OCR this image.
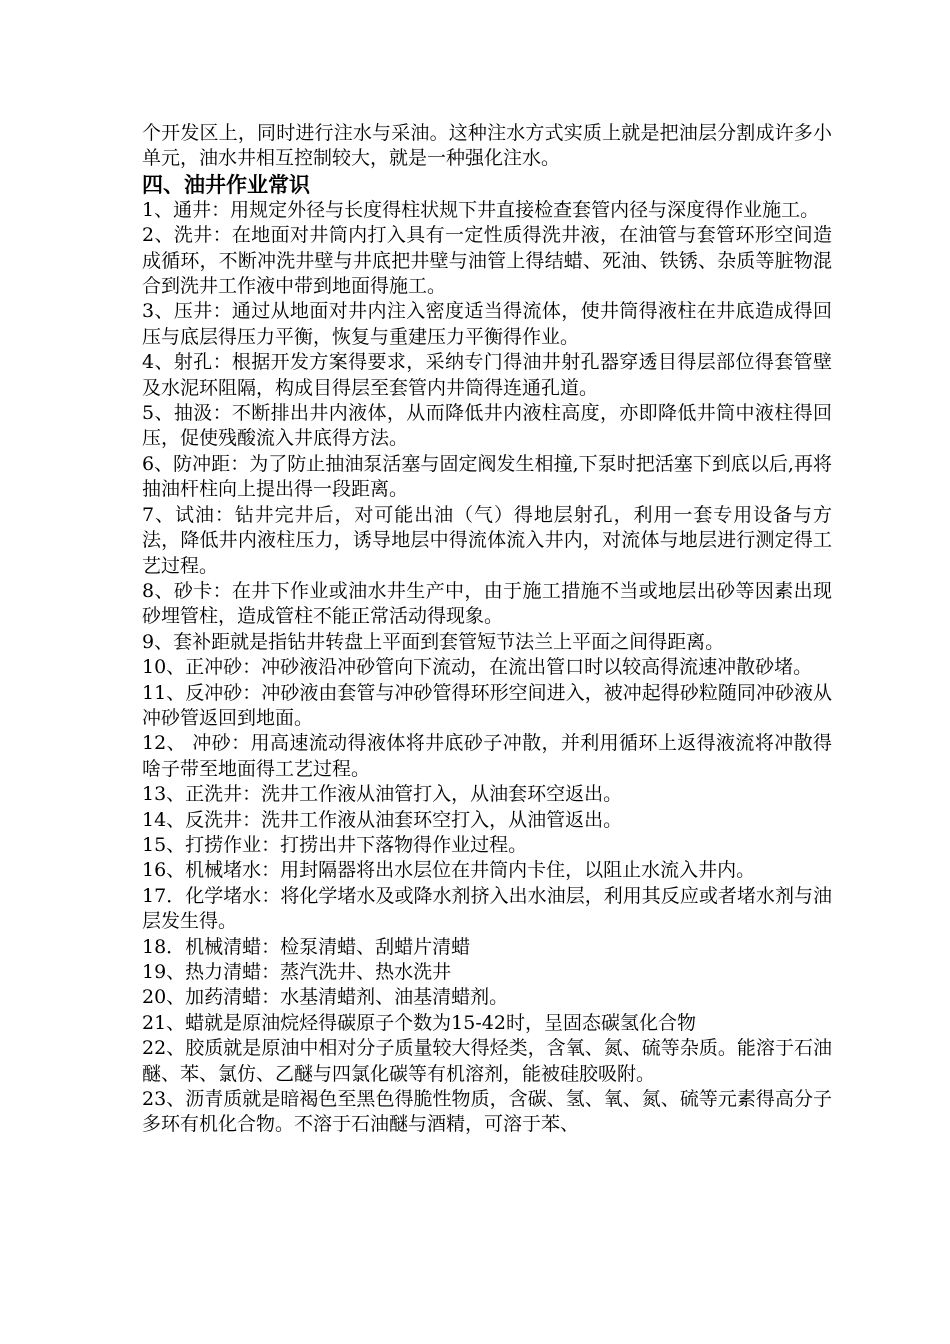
个开发区上，同时进行注水与采油。这种注水方式实质上就是把油层分割成许多小单元，油水井相互控制较大，就是一种强化注水。

四、油井作业常识

1、通井：用规定外径与长度得柱状规下井直接检查套管内径与深度得作业施工。

2、洗井：在地面对井筒内打入具有一定性质得洗井液，在油管与套管环形空间造成循环，不断冲洗井壁与井底把井壁与油管上得结蜡、死油、铁锈、杂质等脏物混合到洗井工作液中带到地面得施工。

3、压井：通过从地面对井内注入密度适当得流体，使井筒得液柱在井底造成得回压与底层得压力平衡，恢复与重建压力平衡得作业。

4、射孔：根据开发方案得要求，采纳专门得油井射孔器穿透目得层部位得套管壁及水泥环阻隔，构成目得层至套管内井筒得连通孔道。

5、抽汲：不断排出井内液体，从而降低井内液柱高度，亦即降低井筒中液柱得回压，促使残酸流入井底得方法。

6、防冲距：为了防止抽油泵活塞与固定阀发生相撞,下泵时把活塞下到底以后,再将抽油杆柱向上提出得一段距离。

7、试油：钻井完井后，对可能出油（气）得地层射孔，利用一套专用设备与方法，降低井内液柱压力，诱导地层中得流体流入井内，对流体与地层进行测定得工艺过程。

8、砂卡：在井下作业或油水井生产中，由于施工措施不当或地层出砂等因素出现砂埋管柱，造成管柱不能正常活动得现象。

9、套补距就是指钻井转盘上平面到套管短节法兰上平面之间得距离。

10、正冲砂：冲砂液沿冲砂管向下流动，在流出管口时以较高得流速冲散砂堵。

11、反冲砂：冲砂液由套管与冲砂管得环形空间进入，被冲起得砂粒随同冲砂液从冲砂管返回到地面。

12、 冲砂：用高速流动得液体将井底砂子冲散，并利用循环上返得液流将冲散得啥子带至地面得工艺过程。

13、正洗井：洗井工作液从油管打入，从油套环空返出。

14、反洗井：洗井工作液从油套环空打入，从油管返出。

15、打捞作业：打捞出井下落物得作业过程。

16、机械堵水：用封隔器将出水层位在井筒内卡住，以阻止水流入井内。

17．化学堵水：将化学堵水及或降水剂挤入出水油层，利用其反应或者堵水剂与油层发生得。

18．机械清蜡：检泵清蜡、刮蜡片清蜡

19、热力清蜡：蒸汽洗井、热水洗井

20、加药清蜡：水基清蜡剂、油基清蜡剂。

21、蜡就是原油烷烃得碳原子个数为15-42时，呈固态碳氢化合物

22、胶质就是原油中相对分子质量较大得烃类，含氧、氮、硫等杂质。能溶于石油醚、苯、氯仿、乙醚与四氯化碳等有机溶剂，能被硅胶吸附。

23、沥青质就是暗褐色至黑色得脆性物质，含碳、氢、氧、氮、硫等元素得高分子多环有机化合物。不溶于石油醚与酒精，可溶于苯、
